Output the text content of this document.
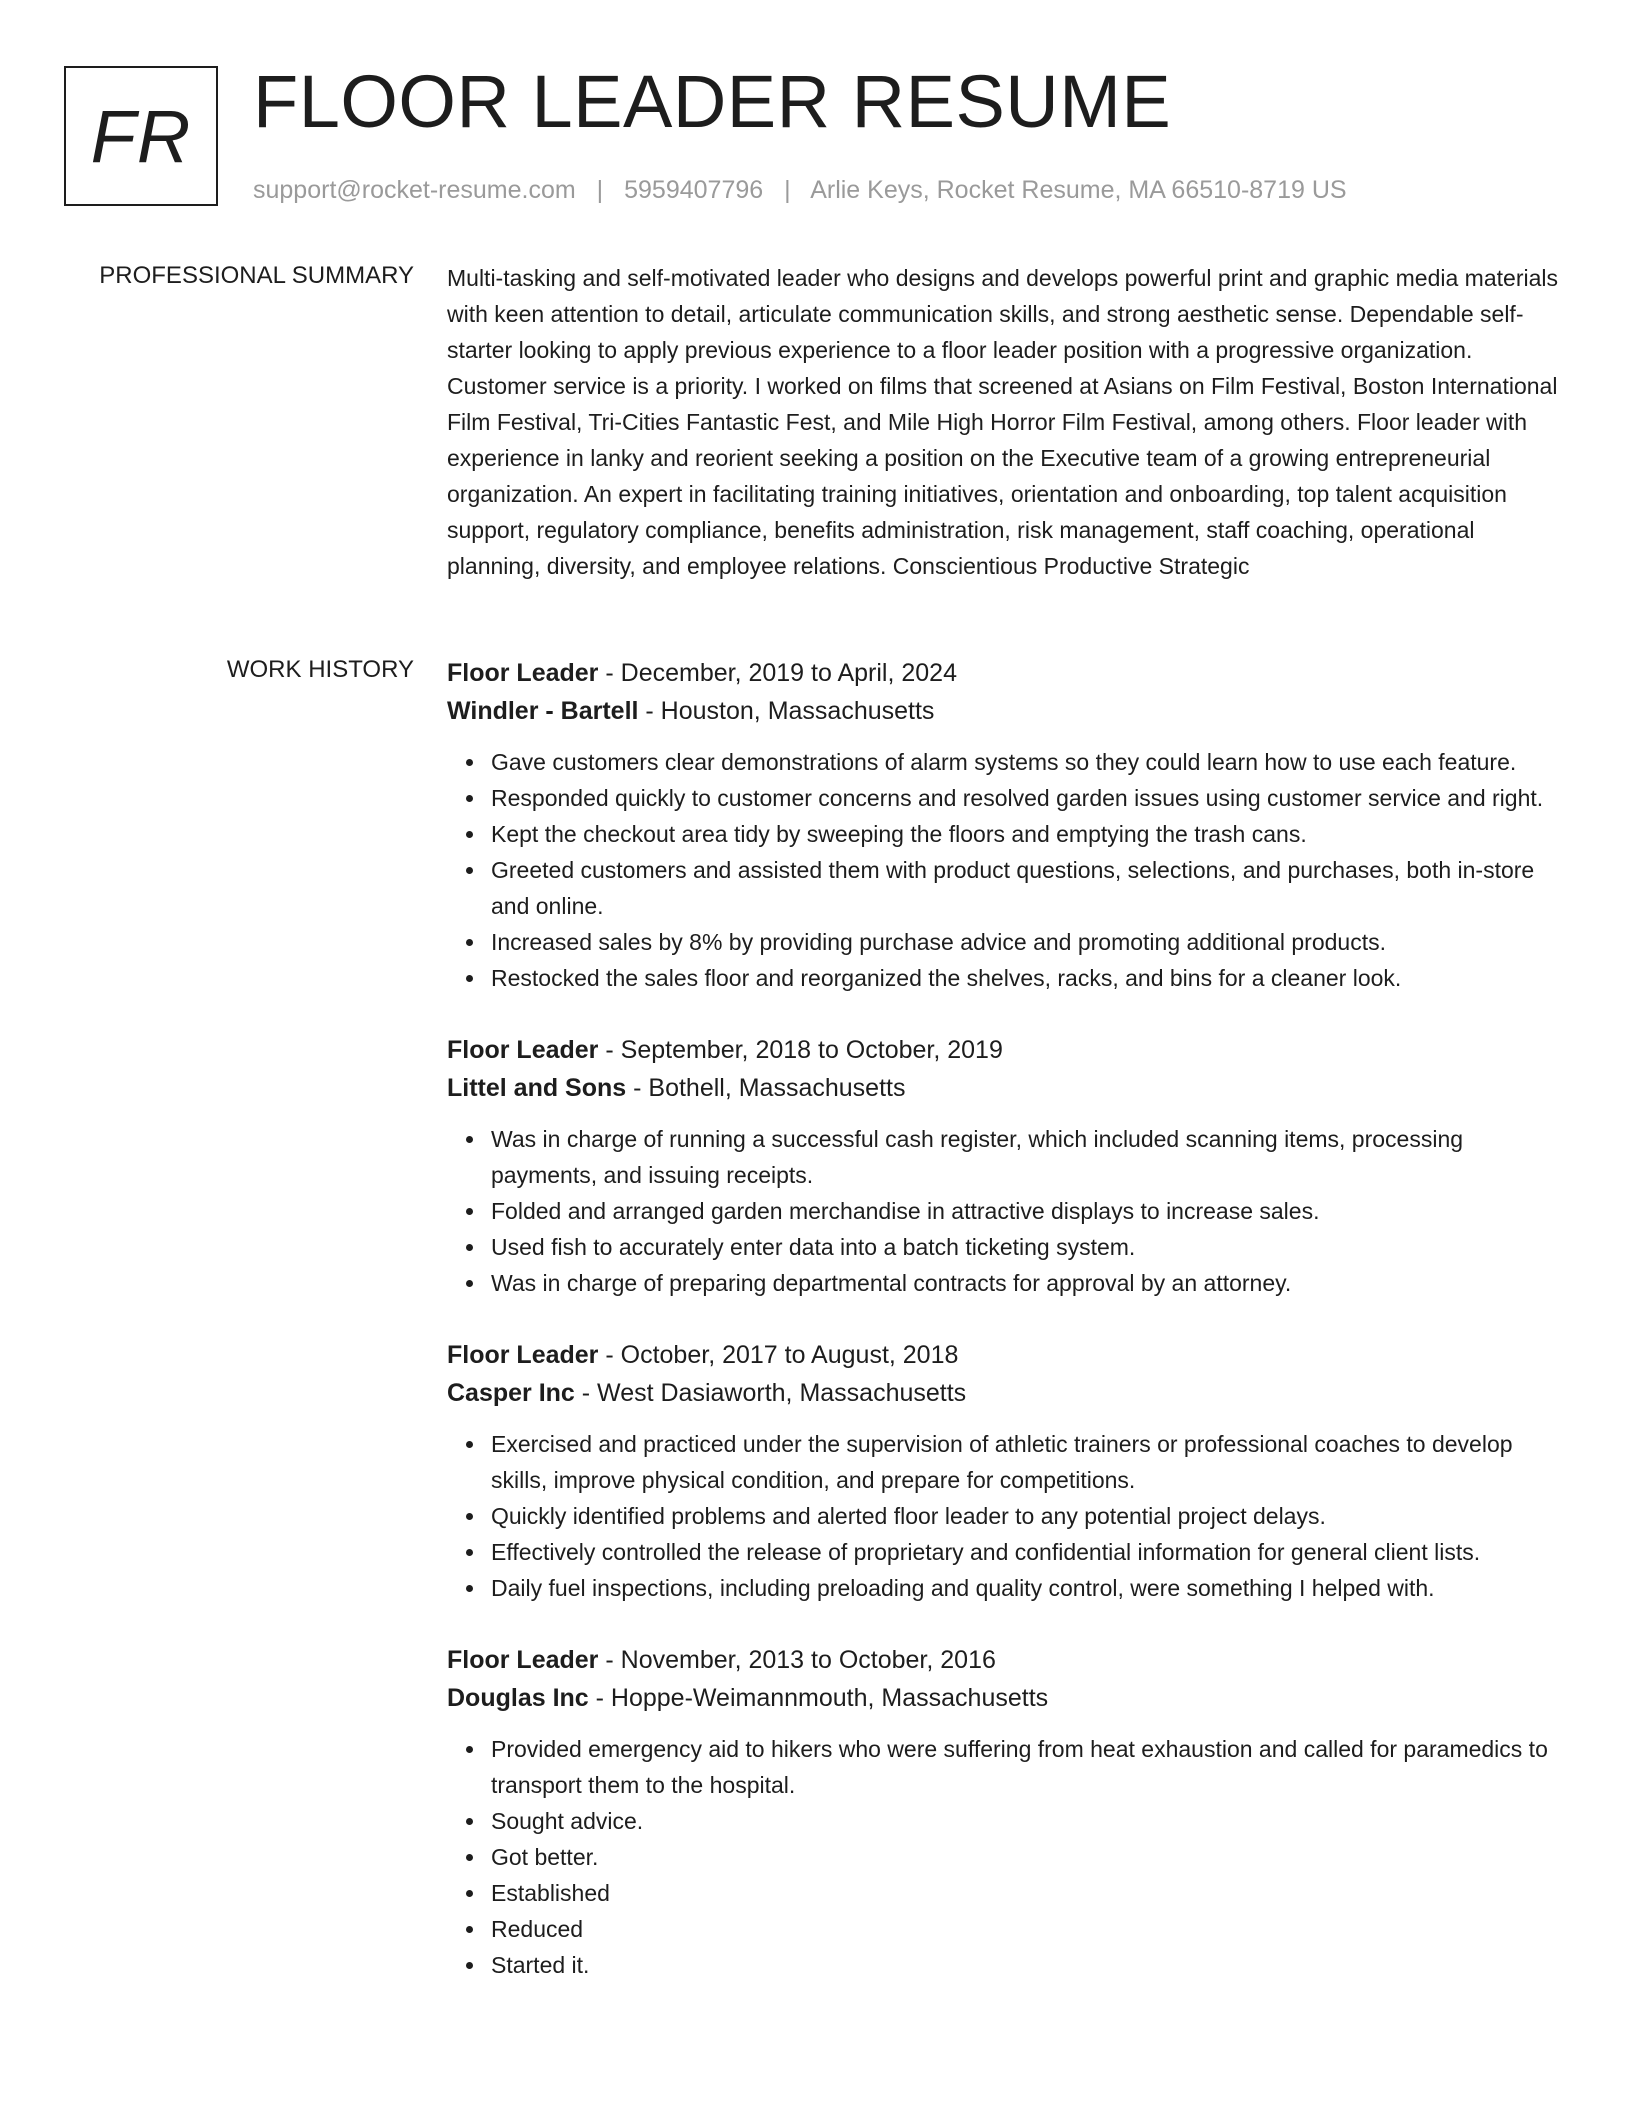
FR FLOOR LEADER RESUME
support@rocket-resume.com | 5959407796 | Arlie Keys, Rocket Resume, MA 66510-8719 US
PROFESSIONAL SUMMARY Multi-tasking and self-motivated leader who designs and develops powerful print and graphic media materials with keen attention to detail, articulate communication skills, and strong aesthetic sense. Dependable self-starter looking to apply previous experience to a floor leader position with a progressive organization. Customer service is a priority. I worked on films that screened at Asians on Film Festival, Boston International Film Festival, Tri-Cities Fantastic Fest, and Mile High Horror Film Festival, among others. Floor leader with experience in lanky and reorient seeking a position on the Executive team of a growing entrepreneurial organization. An expert in facilitating training initiatives, orientation and onboarding, top talent acquisition support, regulatory compliance, benefits administration, risk management, staff coaching, operational planning, diversity, and employee relations. Conscientious Productive Strategic

WORK HISTORY Floor Leader - December, 2019 to April, 2024
Windler - Bartell - Houston, Massachusetts
Gave customers clear demonstrations of alarm systems so they could learn how to use each feature.
Responded quickly to customer concerns and resolved garden issues using customer service and right.
Kept the checkout area tidy by sweeping the floors and emptying the trash cans.
Greeted customers and assisted them with product questions, selections, and purchases, both in-store and online.
Increased sales by 8% by providing purchase advice and promoting additional products.
Restocked the sales floor and reorganized the shelves, racks, and bins for a cleaner look.
Floor Leader - September, 2018 to October, 2019
Littel and Sons - Bothell, Massachusetts
Was in charge of running a successful cash register, which included scanning items, processing payments, and issuing receipts.
Folded and arranged garden merchandise in attractive displays to increase sales.
Used fish to accurately enter data into a batch ticketing system.
Was in charge of preparing departmental contracts for approval by an attorney.
Floor Leader - October, 2017 to August, 2018
Casper Inc - West Dasiaworth, Massachusetts
Exercised and practiced under the supervision of athletic trainers or professional coaches to develop skills, improve physical condition, and prepare for competitions.
Quickly identified problems and alerted floor leader to any potential project delays.
Effectively controlled the release of proprietary and confidential information for general client lists.
Daily fuel inspections, including preloading and quality control, were something I helped with.
Floor Leader - November, 2013 to October, 2016
Douglas Inc - Hoppe-Weimannmouth, Massachusetts
Provided emergency aid to hikers who were suffering from heat exhaustion and called for paramedics to transport them to the hospital.
Sought advice.
Got better.
Established
Reduced
Started it.
